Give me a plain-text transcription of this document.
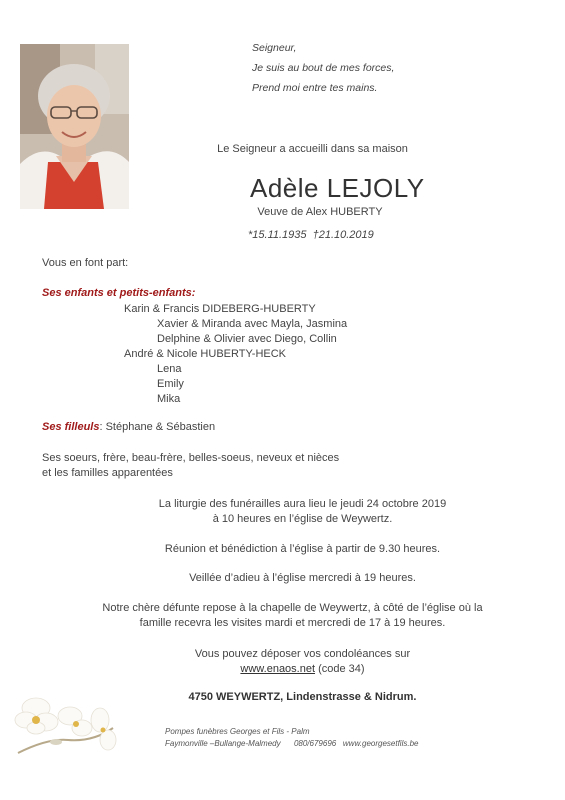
Seigneur,
Je suis au bout de mes forces,
Prend moi entre tes mains.
Le Seigneur a accueilli dans sa maison
Adèle LEJOLY
Veuve de Alex HUBERTY
*15.11.1935 †21.10.2019
Vous en font part:
Ses enfants et petits-enfants:
Karin & Francis DIDEBERG-HUBERTY
Xavier & Miranda avec Mayla, Jasmina
Delphine & Olivier avec Diego, Collin
André & Nicole HUBERTY-HECK
Lena
Emily
Mika
Ses filleuls: Stéphane & Sébastien
Ses soeurs, frère, beau-frère, belles-soeus, neveux et nièces
et les familles apparentées
La liturgie des funérailles aura lieu le jeudi 24 octobre 2019
à 10 heures en l’église de Weywertz.
Réunion et bénédiction à l’église à partir de 9.30 heures.
Veillée d’adieu à l’église mercredi à 19 heures.
Notre chère défunte repose à la chapelle de Weywertz, à côté de l’église où la
famille recevra les visites mardi et mercredi de 17 à 19 heures.
Vous pouvez déposer vos condoléances sur
www.enaos.net (code 34)
4750 WEYWERTZ, Lindenstrasse & Nidrum.
Pompes funèbres Georges et Fils - Palm
Faymonville –Bullange-Malmedy 080/679696 www.georgesetfils.be
